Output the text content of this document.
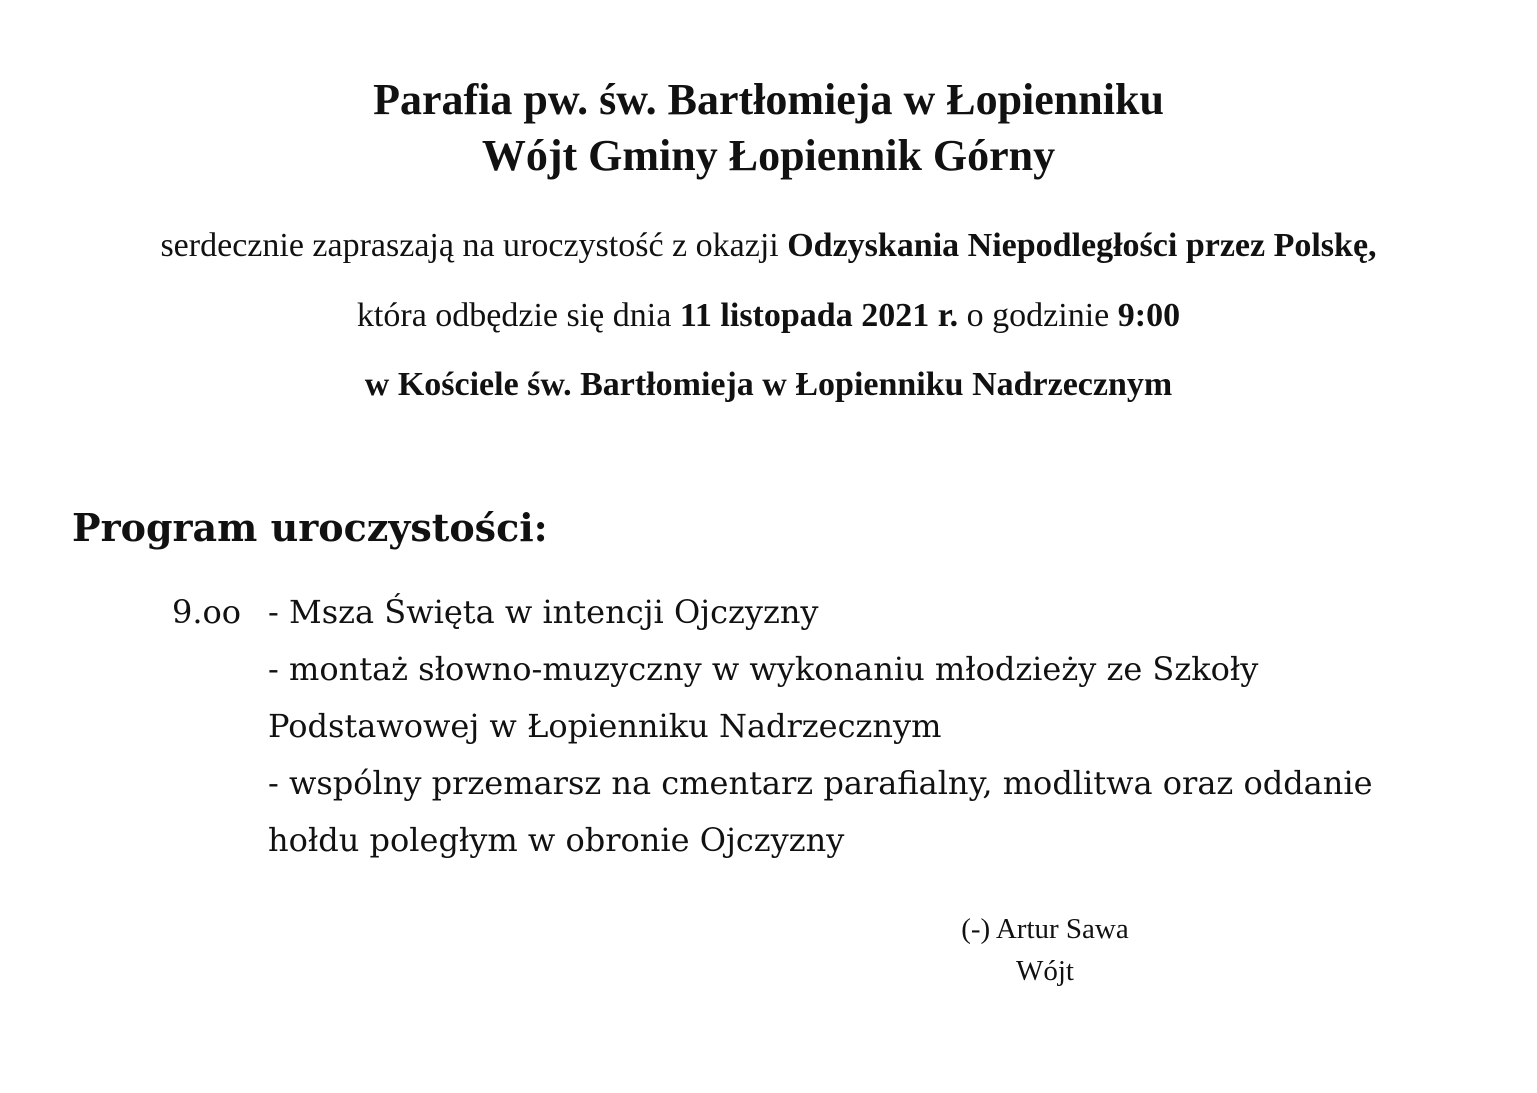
Parafia pw. św. Bartłomieja w Łopienniku
Wójt Gminy Łopiennik Górny
serdecznie zapraszają na uroczystość z okazji Odzyskania Niepodległości przez Polskę,
która odbędzie się dnia 11 listopada 2021 r. o godzinie 9:00
w Kościele św. Bartłomieja w Łopienniku Nadrzecznym
Program uroczystości:
9.oo - Msza Święta w intencji Ojczyzny
- montaż słowno-muzyczny w wykonaniu młodzieży ze Szkoły
Podstawowej w Łopienniku Nadrzecznym
- wspólny przemarsz na cmentarz parafialny, modlitwa oraz oddanie
hołdu poległym w obronie Ojczyzny
(-) Artur Sawa
Wójt
